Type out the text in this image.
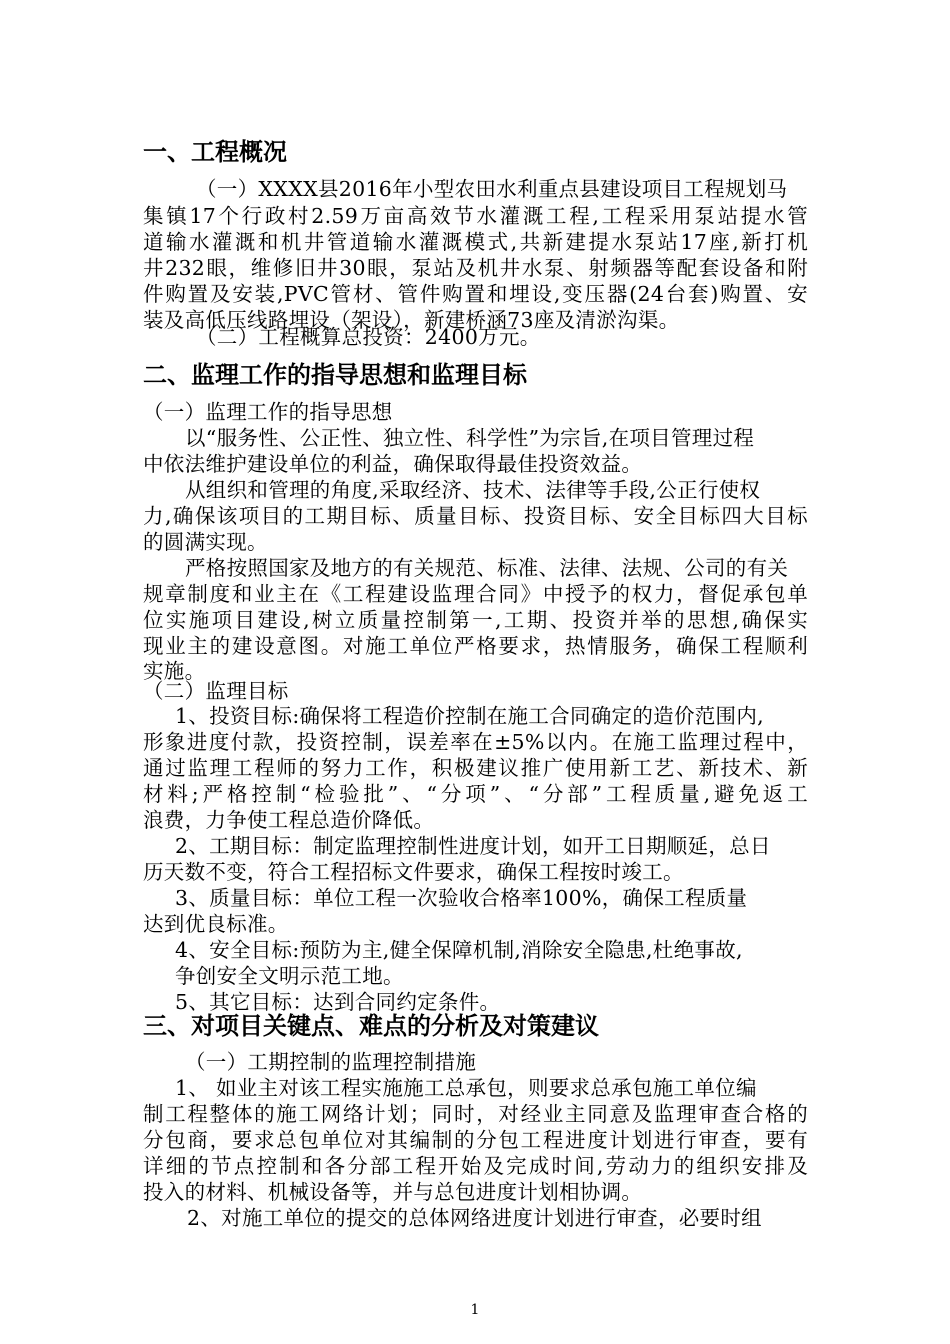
一、工程概况
（一）XXXX县2016年小型农田水利重点县建设项目工程规划马
集镇17个行政村2.59万亩高效节水灌溉工程,工程采用泵站提水管
道输水灌溉和机井管道输水灌溉模式,共新建提水泵站17座,新打机
井232眼，维修旧井30眼，泵站及机井水泵、射频器等配套设备和附
件购置及安装,PVC管材、管件购置和埋设,变压器(24台套)购置、安
装及高低压线路埋设（架设），新建桥涵73座及清淤沟渠。
（二）工程概算总投资：2400万元。
二、监理工作的指导思想和监理目标
（一）监理工作的指导思想
以“服务性、公正性、独立性、科学性”为宗旨,在项目管理过程
中依法维护建设单位的利益，确保取得最佳投资效益。
从组织和管理的角度,采取经济、技术、法律等手段,公正行使权
力,确保该项目的工期目标、质量目标、投资目标、安全目标四大目标
的圆满实现。
严格按照国家及地方的有关规范、标准、法律、法规、公司的有关
规章制度和业主在《工程建设监理合同》中授予的权力，督促承包单
位实施项目建设,树立质量控制第一,工期、投资并举的思想,确保实
现业主的建设意图。对施工单位严格要求，热情服务，确保工程顺利
实施。
（二）监理目标
1、投资目标:确保将工程造价控制在施工合同确定的造价范围内,
形象进度付款，投资控制，误差率在±5%以内。在施工监理过程中，
通过监理工程师的努力工作，积极建议推广使用新工艺、新技术、新
材料;严格控制“检验批”、“分项”、“分部”工程质量,避免返工
浪费，力争使工程总造价降低。
2、工期目标：制定监理控制性进度计划，如开工日期顺延，总日
历天数不变，符合工程招标文件要求，确保工程按时竣工。
3、质量目标：单位工程一次验收合格率100%，确保工程质量
达到优良标准。
4、安全目标:预防为主,健全保障机制,消除安全隐患,杜绝事故,
争创安全文明示范工地。
5、其它目标：达到合同约定条件。
三、对项目关键点、难点的分析及对策建议
（一）工期控制的监理控制措施
1、 如业主对该工程实施施工总承包，则要求总承包施工单位编
制工程整体的施工网络计划；同时，对经业主同意及监理审查合格的
分包商，要求总包单位对其编制的分包工程进度计划进行审查，要有
详细的节点控制和各分部工程开始及完成时间,劳动力的组织安排及
投入的材料、机械设备等，并与总包进度计划相协调。
2、对施工单位的提交的总体网络进度计划进行审查，必要时组
1
